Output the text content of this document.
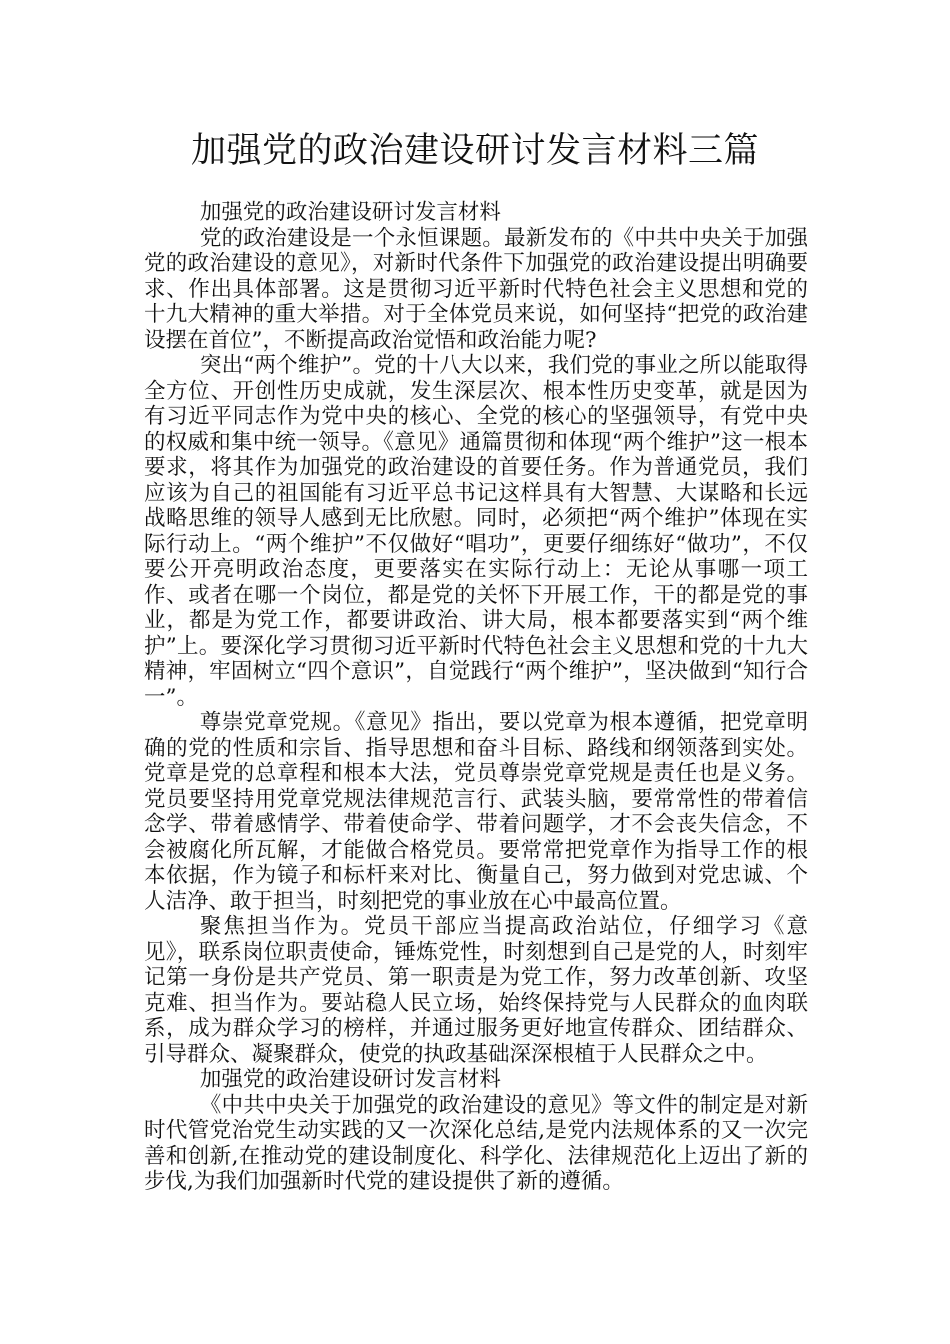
加强党的政治建设研讨发言材料三篇

加强党的政治建设研讨发言材料

党的政治建设是一个永恒课题。最新发布的《中共中央关于加强党的政治建设的意见》，对新时代条件下加强党的政治建设提出明确要求、作出具体部署。这是贯彻习近平新时代特色社会主义思想和党的十九大精神的重大举措。对于全体党员来说，如何坚持“把党的政治建设摆在首位”，不断提高政治觉悟和政治能力呢?

突出“两个维护”。党的十八大以来，我们党的事业之所以能取得全方位、开创性历史成就，发生深层次、根本性历史变革，就是因为有习近平同志作为党中央的核心、全党的核心的坚强领导，有党中央的权威和集中统一领导。《意见》通篇贯彻和体现“两个维护”这一根本要求，将其作为加强党的政治建设的首要任务。作为普通党员，我们应该为自己的祖国能有习近平总书记这样具有大智慧、大谋略和长远战略思维的领导人感到无比欣慰。同时，必须把“两个维护”体现在实际行动上。“两个维护”不仅做好“唱功”，更要仔细练好“做功”，不仅要公开亮明政治态度，更要落实在实际行动上：无论从事哪一项工作、或者在哪一个岗位，都是党的关怀下开展工作，干的都是党的事业，都是为党工作，都要讲政治、讲大局，根本都要落实到“两个维护”上。要深化学习贯彻习近平新时代特色社会主义思想和党的十九大精神，牢固树立“四个意识”，自觉践行“两个维护”，坚决做到“知行合一”。

尊崇党章党规。《意见》指出，要以党章为根本遵循，把党章明确的党的性质和宗旨、指导思想和奋斗目标、路线和纲领落到实处。党章是党的总章程和根本大法，党员尊崇党章党规是责任也是义务。党员要坚持用党章党规法律规范言行、武装头脑，要常常性的带着信念学、带着感情学、带着使命学、带着问题学，才不会丧失信念，不会被腐化所瓦解，才能做合格党员。要常常把党章作为指导工作的根本依据，作为镜子和标杆来对比、衡量自己，努力做到对党忠诚、个人洁净、敢于担当，时刻把党的事业放在心中最高位置。

聚焦担当作为。党员干部应当提高政治站位，仔细学习《意见》，联系岗位职责使命，锤炼党性，时刻想到自己是党的人，时刻牢记第一身份是共产党员、第一职责是为党工作，努力改革创新、攻坚克难、担当作为。要站稳人民立场，始终保持党与人民群众的血肉联系，成为群众学习的榜样，并通过服务更好地宣传群众、团结群众、引导群众、凝聚群众，使党的执政基础深深根植于人民群众之中。

加强党的政治建设研讨发言材料

《中共中央关于加强党的政治建设的意见》等文件的制定是对新时代管党治党生动实践的又一次深化总结,是党内法规体系的又一次完善和创新,在推动党的建设制度化、科学化、法律规范化上迈出了新的步伐,为我们加强新时代党的建设提供了新的遵循。
